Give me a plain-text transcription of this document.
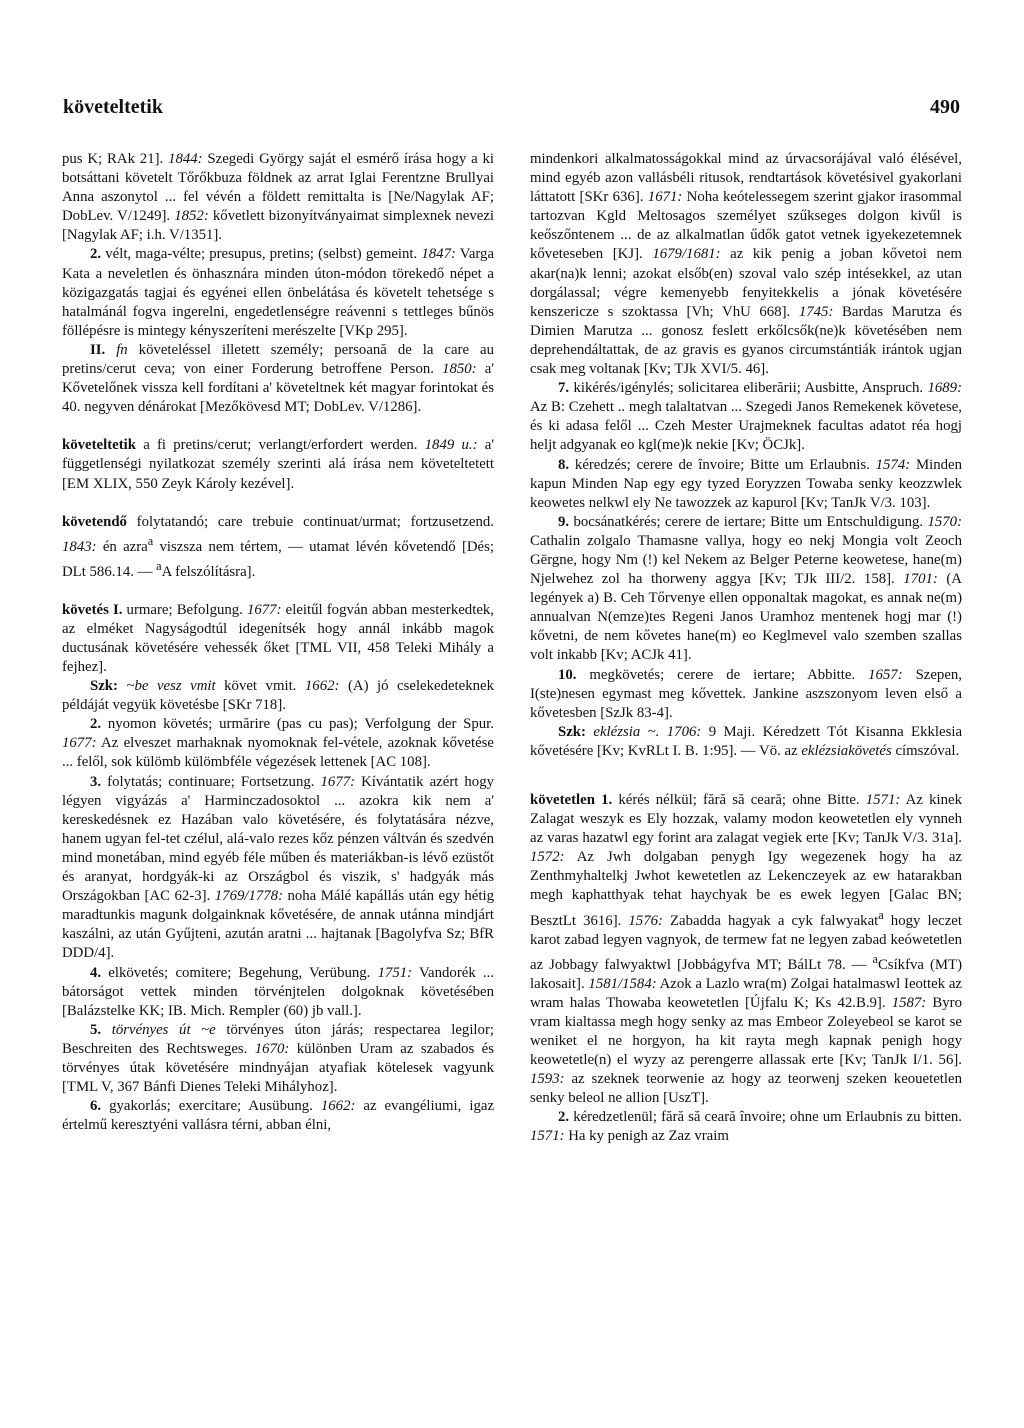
követeltetik	490

pus K; RAk 21]. 1844: Szegedi György saját el esmérő írása hogy a ki botsáttani követelt Tőrőkbuza földnek az arrat Iglai Ferentzne Brullyai Anna aszonytol ... fel vévén a földett remittalta is [Ne/Nagylak AF; DobLev. V/1249]. 1852: kővetlett bizonyítványaimat simplexnek nevezi [Nagylak AF; i.h. V/1351].

2. vélt, maga-vélte; presupus, pretins; (selbst) gemeint. 1847: Varga Kata a neveletlen és önhasznára minden úton-módon törekedő népet a közigazgatás tagjai és egyénei ellen önbelátása és követelt tehetsége s hatalmánál fogva ingerelni, engedetlenségre reávenni s tettleges bűnös föllépésre is mintegy kényszeríteni merészelte [VKp 295].

II. fn követeléssel illetett személy; persoană de la care au pretins/cerut ceva; von einer Forderung betroffene Person. 1850: a' Kővetelőnek vissza kell fordítani a' követeltnek két magyar forintokat és 40. negyven dénárokat [Mezőkövesd MT; DobLev. V/1286].

követeltetik a fi pretins/cerut; verlangt/erfordert werden. 1849 u.: a' függetlenségi nyilatkozat személy szerinti alá írása nem követeltetett [EM XLIX, 550 Zeyk Károly kezével].

követendő folytatandó; care trebuie continuat/urmat; fortzusetzend. 1843: én azra$^a$ viszsza nem tértem, — utamat lévén kővetendő [Dés; DLt 586.14. — $^a$A felszólításra].

követés I. urmare; Befolgung. 1677: eleitűl fogván abban mesterkedtek, az elméket Nagyságodtúl idegenítsék hogy annál inkább magok ductusának követésére vehessék őket [TML VII, 458 Teleki Mihály a fejhez].

Szk: ~be vesz vmit követ vmit. 1662: (A) jó cselekedeteknek példáját vegyük követésbe [SKr 718].

2. nyomon követés; urmărire (pas cu pas); Verfolgung der Spur. 1677: Az elveszet marhaknak nyomoknak fel-vétele, azoknak kővetése ... felől, sok külömb külömbféle végezések lettenek [AC 108].

3. folytatás; continuare; Fortsetzung. 1677: Kívántatik azért hogy légyen vigyázás a' Harminczadosoktol ... azokra kik nem a' kereskedésnek ez Hazában valo követésére, és folytatására nézve, hanem ugyan fel-tet czélul, alá-valo rezes kőz pénzen váltván és szedvén mind monetában, mind egyéb féle műben és materiákban-is lévő ezüstőt és aranyat, hordgyák-ki az Országbol és viszik, s' hadgyák más Országokban [AC 62-3]. 1769/1778: noha Málé kapállás után egy hétig maradtunkis magunk dolgainknak kővetésére, de annak utánna mindjárt kaszálni, az után Gyűjteni, azután aratni ... hajtanak [Bagolyfva Sz; BfR DDD/4].

4. elkövetés; comitere; Begehung, Verübung. 1751: Vandorék ... bátorságot vettek minden törvénjtelen dolgoknak követésében [Balázstelke KK; IB. Mich. Rempler (60) jb vall.].

5. törvényes út ~e törvényes úton járás; respectarea legilor; Beschreiten des Rechtsweges. 1670: különben Uram az szabados és törvényes útak követésére mindnyájan atyafiak kötelesek vagyunk [TML V, 367 Bánfi Dienes Teleki Mihályhoz].

6. gyakorlás; exercitare; Ausübung. 1662: az evangéliumi, igaz értelmű keresztyéni vallásra térni, abban élni,

mindenkori alkalmatosságokkal mind az úrvacsorájával való élésével, mind egyéb azon vallásbéli ritusok, rendtartások követésivel gyakorlani láttatott [SKr 636]. 1671: Noha keótelessegem szerint gjakor irasommal tartozvan Kgld Meltosagos személyet szűkseges dolgon kivűl is keőszőntenem ... de az alkalmatlan űdők gatot vetnek igyekezetemnek kőveteseben [KJ]. 1679/1681: az kik penig a joban kővetoi nem akar(na)k lenni; azokat elsőb(en) szoval valo szép intésekkel, az utan dorgálassal; végre kemenyebb fenyitekkelis a jónak követésére kenszericze s szoktassa [Vh; VhU 668]. 1745: Bardas Marutza és Dimien Marutza ... gonosz feslett erkőlcsők(ne)k követésében nem deprehendáltattak, de az gravis es gyanos circumstántiák irántok ugjan csak meg voltanak [Kv; TJk XVI/5. 46].

7. kikérés/igénylés; solicitarea eliberării; Ausbitte, Anspruch. 1689: Az B: Czehett .. megh talaltatvan ... Szegedi Janos Remekenek követese, és ki adasa felől ... Czeh Mester Urajmeknek facultas adatot réa hogj heljt adgyanak eo kgl(me)k nekie [Kv; ÖCJk].

8. kéredzés; cerere de învoire; Bitte um Erlaubnis. 1574: Minden kapun Minden Nap egy egy tyzed Eoryzzen Towaba senky keozzwlek keowetes nelkwl ely Ne tawozzek az kapurol [Kv; TanJk V/3. 103].

9. bocsánatkérés; cerere de iertare; Bitte um Entschuldigung. 1570: Cathalin zolgalo Thamasne vallya, hogy eo nekj Mongia volt Zeoch Gērgne, hogy Nm (!) kel Nekem az Belger Peterne keowetese, hane(m) Njelwehez zol ha thorweny aggya [Kv; TJk III/2. 158]. 1701: (A legények a) B. Ceh Tőrvenye ellen opponaltak magokat, es annak ne(m) annualvan N(emze)tes Regeni Janos Uramhoz mentenek hogj mar (!) kővetni, de nem kővetes hane(m) eo Keglmevel valo szemben szallas volt inkabb [Kv; ACJk 41].

10. megkövetés; cerere de iertare; Abbitte. 1657: Szepen, I(ste)nesen egymast meg kővettek. Jankine aszszonyom leven első a kővetesben [SzJk 83-4].

Szk: eklézsia ~. 1706: 9 Maji. Kéredzett Tót Kisanna Ekklesia kővetésére [Kv; KvRLt I. B. 1:95]. — Vö. az eklézsiakövetés címszóval.

követetlen 1. kérés nélkül; fără să ceară; ohne Bitte. 1571: Az kinek Zalagat weszyk es Ely hozzak, valamy modon keowetetlen ely vynneh az varas hazatwl egy forint ara zalagat vegiek erte [Kv; TanJk V/3. 31a]. 1572: Az Jwh dolgaban penygh Igy wegezenek hogy ha az Zenthmyhaltelkj Jwhot kewetetlen az Lekenczeyek az ew hatarakban megh kaphatthyak tehat haychyak be es ewek legyen [Galac BN; BesztLt 3616]. 1576: Zabadda hagyak a cyk falwyakat$^a$ hogy leczet karot zabad legyen vagnyok, de termew fat ne legyen zabad keówetetlen az Jobbagy falwyaktwl [Jobbágyfva MT; BálLt 78. — $^a$Csíkfva (MT) lakosait]. 1581/1584: Azok a Lazlo wra(m) Zolgai hatalmaswl Ieottek az wram halas Thowaba keowetetlen [Újfalu K; Ks 42.B.9]. 1587: Byro vram kialtassa megh hogy senky az mas Embeor Zoleyebeol se karot se weniket el ne horgyon, ha kit rayta megh kapnak penigh hogy keowetetle(n) el wyzy az perengerre allassak erte [Kv; TanJk I/1. 56]. 1593: az szeknek teorwenie az hogy az teorwenj szeken keouetetlen senky beleol ne allion [UszT].

2. kéredzetlenül; fără să ceară învoire; ohne um Erlaubnis zu bitten. 1571: Ha ky penigh az Zaz vraim
